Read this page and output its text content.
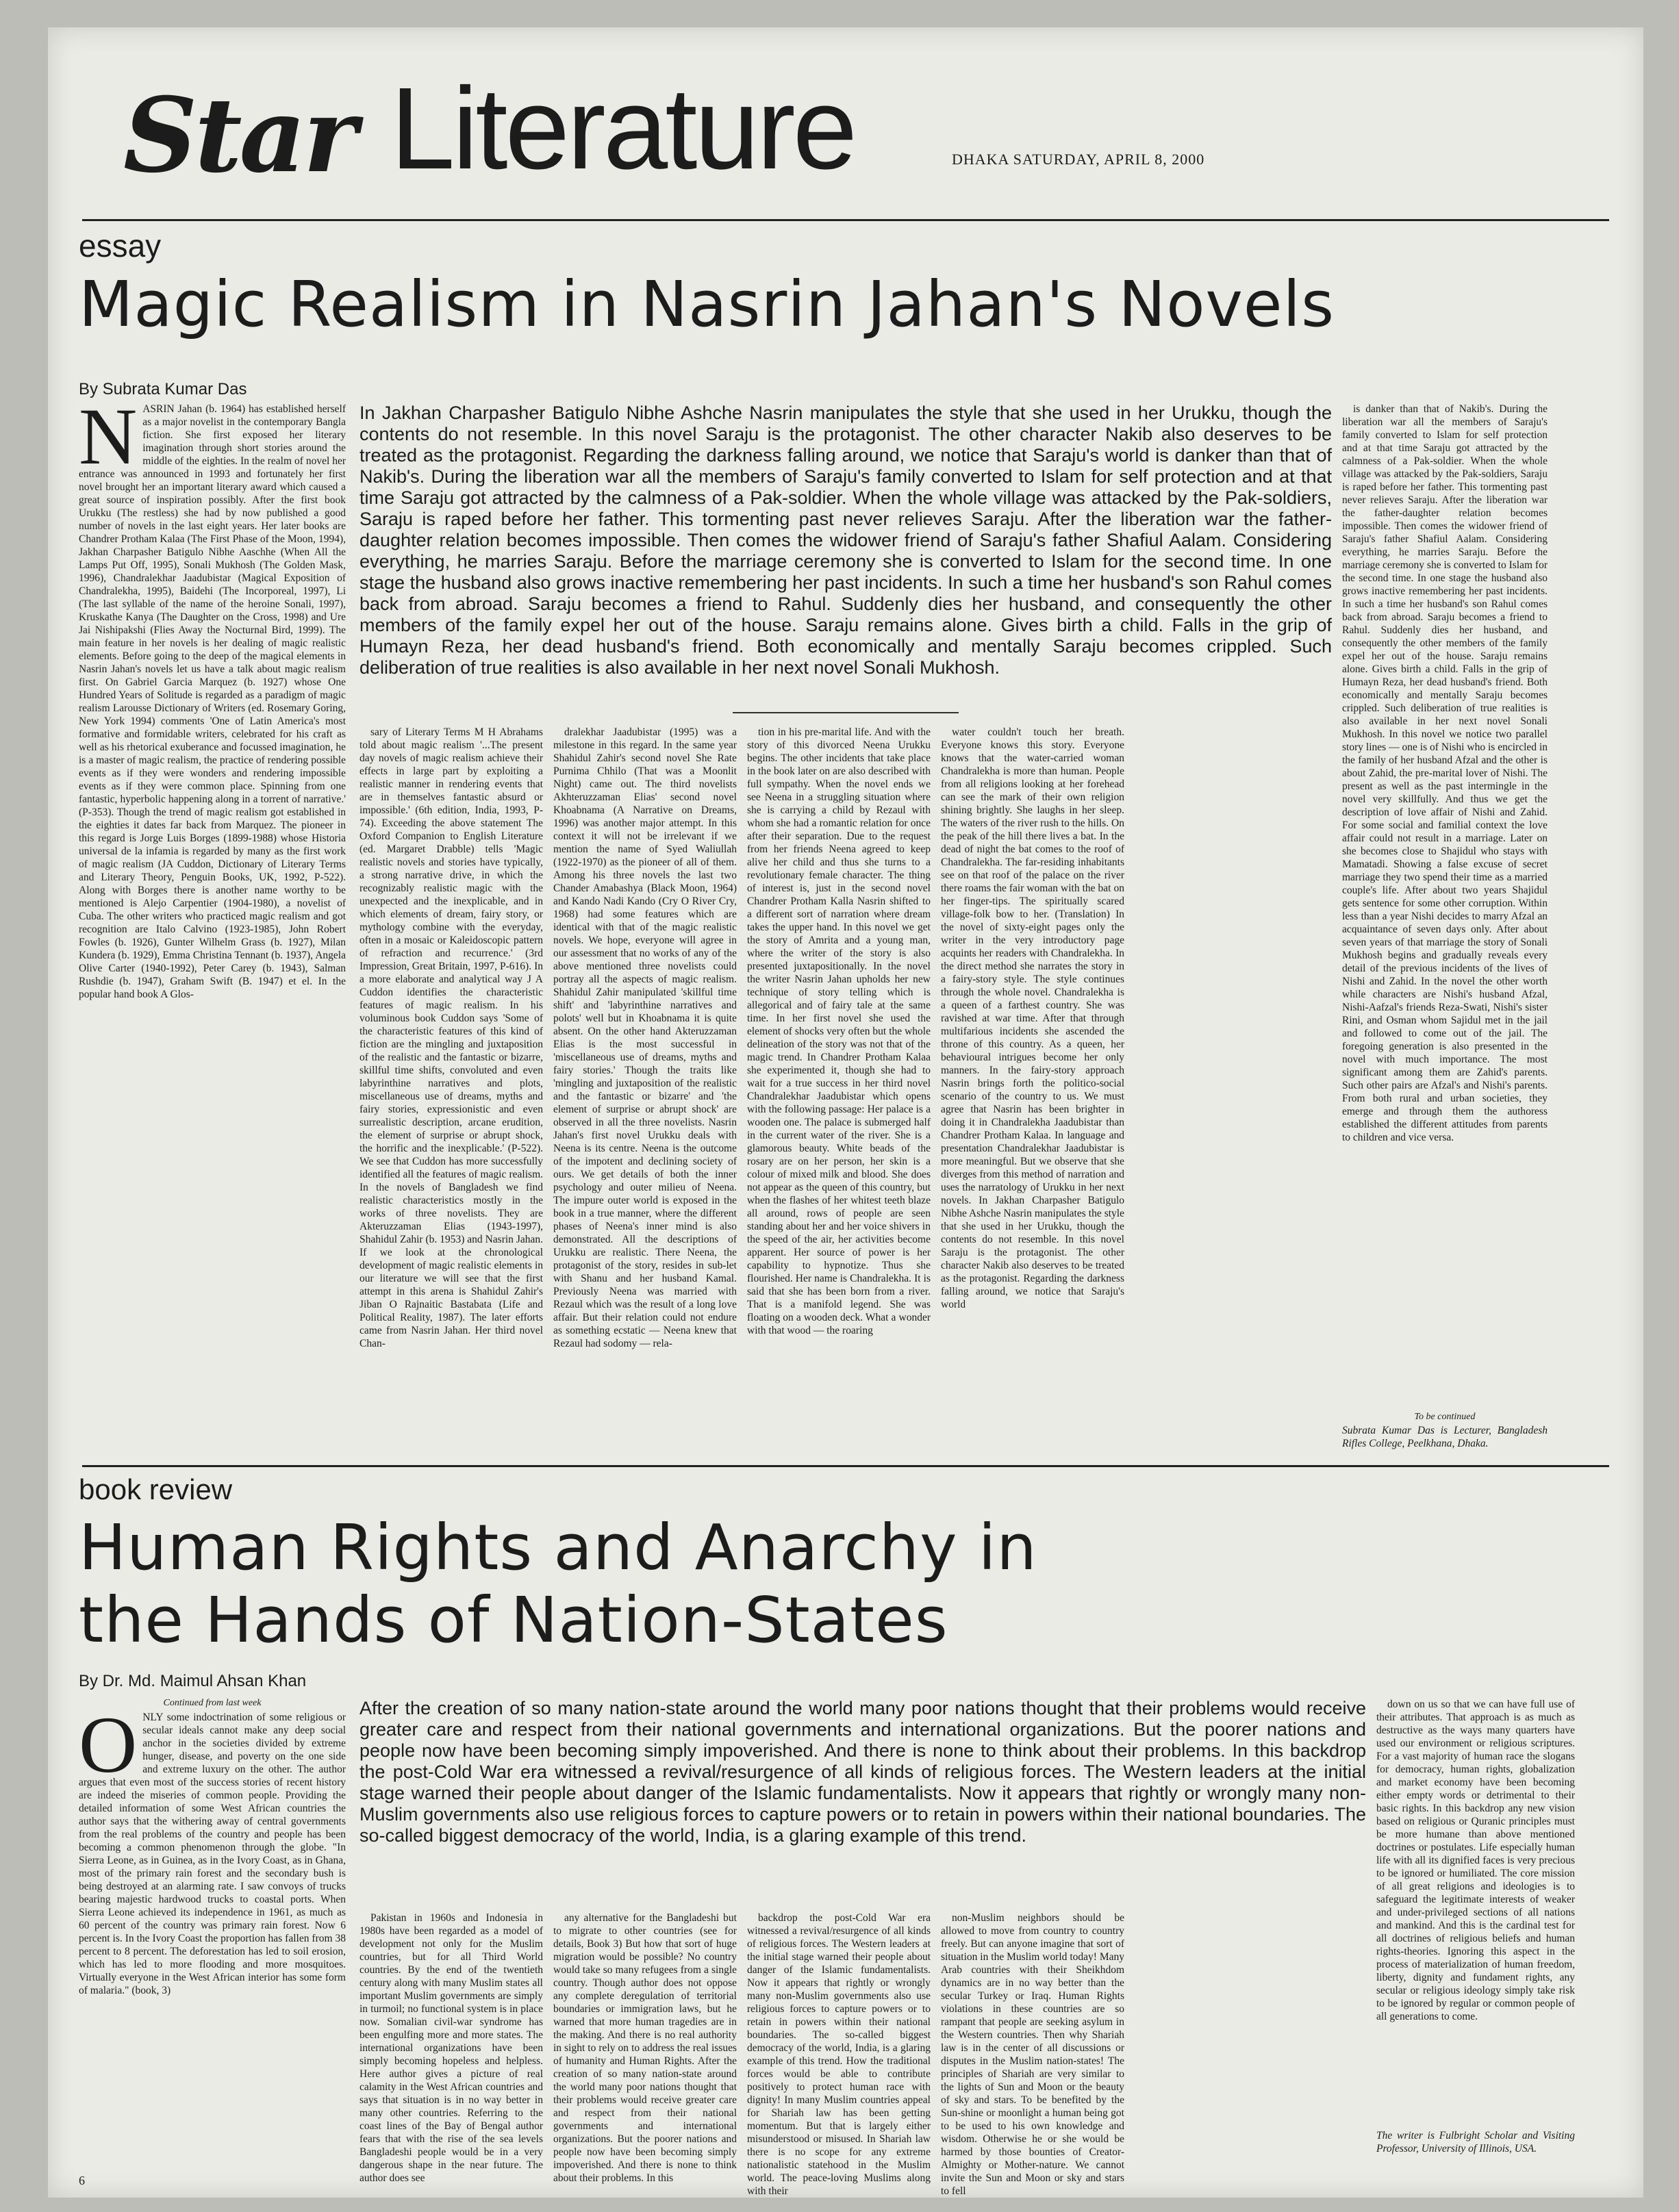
Star Literature	DHAKA SATURDAY, APRIL 8, 2000
essay
Magic Realism in Nasrin Jahan's Novels
By Subrata Kumar Das

NASRIN Jahan (b. 1964) has established herself as a major novelist in the contemporary Bangla fiction. She first exposed her literary imagination through short stories around the middle of the eighties. In the realm of novel her entrance was announced in 1993 and fortunately her first novel brought her an important literary award which caused a great source of inspiration possibly. After the first book Urukku (The restless) she had by now published a good number of novels in the last eight years. Her later books are Chandrer Protham Kalaa (The First Phase of the Moon, 1994), Jakhan Charpasher Batigulo Nibhe Aaschhe (When All the Lamps Put Off, 1995), Sonali Mukhosh (The Golden Mask, 1996), Chandralekhar Jaadubistar (Magical Exposition of Chandralekha, 1995), Baidehi (The Incorporeal, 1997), Li (The last syllable of the name of the heroine Sonali, 1997), Kruskathe Kanya (The Daughter on the Cross, 1998) and Ure Jai Nishipakshi (Flies Away the Nocturnal Bird, 1999). The main feature in her novels is her dealing of magic realistic elements. Before going to the deep of the magical elements in Nasrin Jahan's novels let us have a talk about magic realism first. On Gabriel Garcia Marquez (b. 1927) whose One Hundred Years of Solitude is regarded as a paradigm of magic realism Larousse Dictionary of Writers (ed. Rosemary Goring, New York 1994) comments 'One of Latin America's most formative and formidable writers, celebrated for his craft as well as his rhetorical exuberance and focussed imagination, he is a master of magic realism, the practice of rendering possible events as if they were wonders and rendering impossible events as if they were common place. Spinning from one fantastic, hyperbolic happening along in a torrent of narrative.' (P-353). Though the trend of magic realism got established in the eighties it dates far back from Marquez. The pioneer in this regard is Jorge Luis Borges (1899-1988) whose Historia universal de la infamia is regarded by many as the first work of magic realism (JA Cuddon, Dictionary of Literary Terms and Literary Theory, Penguin Books, UK, 1992, P-522). Along with Borges there is another name worthy to be mentioned is Alejo Carpentier (1904-1980), a novelist of Cuba. The other writers who practiced magic realism and got recognition are Italo Calvino (1923-1985), John Robert Fowles (b. 1926), Gunter Wilhelm Grass (b. 1927), Milan Kundera (b. 1929), Emma Christina Tennant (b. 1937), Angela Olive Carter (1940-1992), Peter Carey (b. 1943), Salman Rushdie (b. 1947), Graham Swift (B. 1947) et el. In the popular hand book A Glos-

In Jakhan Charpasher Batigulo Nibhe Ashche Nasrin manipulates the style that she used in her Urukku, though the contents do not resemble. In this novel Saraju is the protagonist. The other character Nakib also deserves to be treated as the protagonist. Regarding the darkness falling around, we notice that Saraju's world is danker than that of Nakib's. During the liberation war all the members of Saraju's family converted to Islam for self protection and at that time Saraju got attracted by the calmness of a Pak-soldier. When the whole village was attacked by the Pak-soldiers, Saraju is raped before her father. This tormenting past never relieves Saraju. After the liberation war the father-daughter relation becomes impossible. Then comes the widower friend of Saraju's father Shafiul Aalam. Considering everything, he marries Saraju. Before the marriage ceremony she is converted to Islam for the second time. In one stage the husband also grows inactive remembering her past incidents. In such a time her husband's son Rahul comes back from abroad. Saraju becomes a friend to Rahul. Suddenly dies her husband, and consequently the other members of the family expel her out of the house. Saraju remains alone. Gives birth a child. Falls in the grip of Humayn Reza, her dead husband's friend. Both economically and mentally Saraju becomes crippled. Such deliberation of true realities is also available in her next novel Sonali Mukhosh.

sary of Literary Terms M H Abrahams told about magic realism '...The present day novels of magic realism achieve their effects in large part by exploiting a realistic manner in rendering events that are in themselves fantastic absurd or impossible.' (6th edition, India, 1993, P-74). Exceeding the above statement The Oxford Companion to English Literature (ed. Margaret Drabble) tells 'Magic realistic novels and stories have typically, a strong narrative drive, in which the recognizably realistic magic with the unexpected and the inexplicable, and in which elements of dream, fairy story, or mythology combine with the everyday, often in a mosaic or Kaleidoscopic pattern of refraction and recurrence.' (3rd Impression, Great Britain, 1997, P-616). In a more elaborate and analytical way J A Cuddon identifies the characteristic features of magic realism. In his voluminous book Cuddon says 'Some of the characteristic features of this kind of fiction are the mingling and juxtaposition of the realistic and the fantastic or bizarre, skillful time shifts, convoluted and even labyrinthine narratives and plots, miscellaneous use of dreams, myths and fairy stories, expressionistic and even surrealistic description, arcane erudition, the element of surprise or abrupt shock, the horrific and the inexplicable.' (P-522). We see that Cuddon has more successfully identified all the features of magic realism. In the novels of Bangladesh we find realistic characteristics mostly in the works of three novelists. They are Akteruzzaman Elias (1943-1997), Shahidul Zahir (b. 1953) and Nasrin Jahan. If we look at the chronological development of magic realistic elements in our literature we will see that the first attempt in this arena is Shahidul Zahir's Jiban O Rajnaitic Bastabata (Life and Political Reality, 1987). The later efforts came from Nasrin Jahan. Her third novel Chan-

dralekhar Jaadubistar (1995) was a milestone in this regard. In the same year Shahidul Zahir's second novel She Rate Purnima Chhilo (That was a Moonlit Night) came out. The third novelists Akhteruzzaman Elias' second novel Khoabnama (A Narrative on Dreams, 1996) was another major attempt. In this context it will not be irrelevant if we mention the name of Syed Waliullah (1922-1970) as the pioneer of all of them. Among his three novels the last two Chander Amabashya (Black Moon, 1964) and Kando Nadi Kando (Cry O River Cry, 1968) had some features which are identical with that of the magic realistic novels. We hope, everyone will agree in our assessment that no works of any of the above mentioned three novelists could portray all the aspects of magic realism. Shahidul Zahir manipulated 'skillful time shift' and 'labyrinthine narratives and polots' well but in Khoabnama it is quite absent. On the other hand Akteruzzaman Elias is the most successful in 'miscellaneous use of dreams, myths and fairy stories.' Though the traits like 'mingling and juxtaposition of the realistic and the fantastic or bizarre' and 'the element of surprise or abrupt shock' are observed in all the three novelists. Nasrin Jahan's first novel Urukku deals with Neena is its centre. Neena is the outcome of the impotent and declining society of ours. We get details of both the inner psychology and outer milieu of Neena. The impure outer world is exposed in the book in a true manner, where the different phases of Neena's inner mind is also demonstrated. All the descriptions of Urukku are realistic. There Neena, the protagonist of the story, resides in sub-let with Shanu and her husband Kamal. Previously Neena was married with Rezaul which was the result of a long love affair. But their relation could not endure as something ecstatic — Neena knew that Rezaul had sodomy — rela-

tion in his pre-marital life. And with the story of this divorced Neena Urukku begins. The other incidents that take place in the book later on are also described with full sympathy. When the novel ends we see Neena in a struggling situation where she is carrying a child by Rezaul with whom she had a romantic relation for once after their separation. Due to the request from her friends Neena agreed to keep alive her child and thus she turns to a revolutionary female character. The thing of interest is, just in the second novel Chandrer Protham Kalla Nasrin shifted to a different sort of narration where dream takes the upper hand. In this novel we get the story of Amrita and a young man, where the writer of the story is also presented juxtapositionally. In the novel the writer Nasrin Jahan upholds her new technique of story telling which is allegorical and of fairy tale at the same time. In her first novel she used the element of shocks very often but the whole delineation of the story was not that of the magic trend. In Chandrer Protham Kalaa she experimented it, though she had to wait for a true success in her third novel Chandralekhar Jaadubistar which opens with the following passage: Her palace is a wooden one. The palace is submerged half in the current water of the river. She is a glamorous beauty. White beads of the rosary are on her person, her skin is a colour of mixed milk and blood. She does not appear as the queen of this country, but when the flashes of her whitest teeth blaze all around, rows of people are seen standing about her and her voice shivers in the speed of the air, her activities become apparent. Her source of power is her capability to hypnotize. Thus she flourished. Her name is Chandralekha. It is said that she has been born from a river. That is a manifold legend. She was floating on a wooden deck. What a wonder with that wood — the roaring

water couldn't touch her breath. Everyone knows this story. Everyone knows that the water-carried woman Chandralekha is more than human. People from all religions looking at her forehead can see the mark of their own religion shining brightly. She laughs in her sleep. The waters of the river rush to the hills. On the peak of the hill there lives a bat. In the dead of night the bat comes to the roof of Chandralekha. The far-residing inhabitants see on that roof of the palace on the river there roams the fair woman with the bat on her finger-tips. The spiritually scared village-folk bow to her. (Translation) In the novel of sixty-eight pages only the writer in the very introductory page acquints her readers with Chandralekha. In the direct method she narrates the story in a fairy-story style. The style continues through the whole novel. Chandralekha is a queen of a farthest country. She was ravished at war time. After that through multifarious incidents she ascended the throne of this country. As a queen, her behavioural intrigues become her only manners. In the fairy-story approach Nasrin brings forth the politico-social scenario of the country to us. We must agree that Nasrin has been brighter in doing it in Chandralekha Jaadubistar than Chandrer Protham Kalaa. In language and presentation Chandralekhar Jaadubistar is more meaningful. But we observe that she diverges from this method of narration and uses the narratology of Urukku in her next novels. In Jakhan Charpasher Batigulo Nibhe Ashche Nasrin manipulates the style that she used in her Urukku, though the contents do not resemble. In this novel Saraju is the protagonist. The other character Nakib also deserves to be treated as the protagonist. Regarding the darkness falling around, we notice that Saraju's world

is danker than that of Nakib's. During the liberation war all the members of Saraju's family converted to Islam for self protection and at that time Saraju got attracted by the calmness of a Pak-soldier. When the whole village was attacked by the Pak-soldiers, Saraju is raped before her father. This tormenting past never relieves Saraju. After the liberation war the father-daughter relation becomes impossible. Then comes the widower friend of Saraju's father Shafiul Aalam. Considering everything, he marries Saraju. Before the marriage ceremony she is converted to Islam for the second time. In one stage the husband also grows inactive remembering her past incidents. In such a time her husband's son Rahul comes back from abroad. Saraju becomes a friend to Rahul. Suddenly dies her husband, and consequently the other members of the family expel her out of the house. Saraju remains alone. Gives birth a child. Falls in the grip of Humayn Reza, her dead husband's friend. Both economically and mentally Saraju becomes crippled. Such deliberation of true realities is also available in her next novel Sonali Mukhosh. In this novel we notice two parallel story lines — one is of Nishi who is encircled in the family of her husband Afzal and the other is about Zahid, the pre-marital lover of Nishi. The present as well as the past intermingle in the novel very skillfully. And thus we get the description of love affair of Nishi and Zahid. For some social and familial context the love affair could not result in a marriage. Later on she becomes close to Shajidul who stays with Mamatadi. Showing a false excuse of secret marriage they two spend their time as a married couple's life. After about two years Shajidul gets sentence for some other corruption. Within less than a year Nishi decides to marry Afzal an acquaintance of seven days only. After about seven years of that marriage the story of Sonali Mukhosh begins and gradually reveals every detail of the previous incidents of the lives of Nishi and Zahid. In the novel the other worth while characters are Nishi's husband Afzal, Nishi-Aafzal's friends Reza-Swati, Nishi's sister Rini, and Osman whom Sajidul met in the jail and followed to come out of the jail. The foregoing generation is also presented in the novel with much importance. The most significant among them are Zahid's parents. Such other pairs are Afzal's and Nishi's parents. From both rural and urban societies, they emerge and through them the authoress established the different attitudes from parents to children and vice versa.

To be continued

Subrata Kumar Das is Lecturer, Bangladesh Rifles College, Peelkhana, Dhaka.

book review
Human Rights and Anarchy in
the Hands of Nation-States
By Dr. Md. Maimul Ahsan Khan

Continued from last week

ONLY some indoctrination of some religious or secular ideals cannot make any deep social anchor in the societies divided by extreme hunger, disease, and poverty on the one side and extreme luxury on the other. The author argues that even most of the success stories of recent history are indeed the miseries of common people. Providing the detailed information of some West African countries the author says that the withering away of central governments from the real problems of the country and people has been becoming a common phenomenon through the globe. "In Sierra Leone, as in Guinea, as in the Ivory Coast, as in Ghana, most of the primary rain forest and the secondary bush is being destroyed at an alarming rate. I saw convoys of trucks bearing majestic hardwood trucks to coastal ports. When Sierra Leone achieved its independence in 1961, as much as 60 percent of the country was primary rain forest. Now 6 percent is. In the Ivory Coast the proportion has fallen from 38 percent to 8 percent. The deforestation has led to soil erosion, which has led to more flooding and more mosquitoes. Virtually everyone in the West African interior has some form of malaria." (book, 3)

After the creation of so many nation-state around the world many poor nations thought that their problems would receive greater care and respect from their national governments and international organizations. But the poorer nations and people now have been becoming simply impoverished. And there is none to think about their problems. In this backdrop the post-Cold War era witnessed a revival/resurgence of all kinds of religious forces. The Western leaders at the initial stage warned their people about danger of the Islamic fundamentalists. Now it appears that rightly or wrongly many non-Muslim governments also use religious forces to capture powers or to retain in powers within their national boundaries. The so-called biggest democracy of the world, India, is a glaring example of this trend.

Pakistan in 1960s and Indonesia in 1980s have been regarded as a model of development not only for the Muslim countries, but for all Third World countries. By the end of the twentieth century along with many Muslim states all important Muslim governments are simply in turmoil; no functional system is in place now. Somalian civil-war syndrome has been engulfing more and more states. The international organizations have been simply becoming hopeless and helpless. Here author gives a picture of real calamity in the West African countries and says that situation is in no way better in many other countries. Referring to the coast lines of the Bay of Bengal author fears that with the rise of the sea levels Bangladeshi people would be in a very dangerous shape in the near future. The author does see

any alternative for the Bangladeshi but to migrate to other countries (see for details, Book 3) But how that sort of huge migration would be possible? No country would take so many refugees from a single country. Though author does not oppose any complete deregulation of territorial boundaries or immigration laws, but he warned that more human tragedies are in the making. And there is no real authority in sight to rely on to address the real issues of humanity and Human Rights. After the creation of so many nation-state around the world many poor nations thought that their problems would receive greater care and respect from their national governments and international organizations. But the poorer nations and people now have been becoming simply impoverished. And there is none to think about their problems. In this

backdrop the post-Cold War era witnessed a revival/resurgence of all kinds of religious forces. The Western leaders at the initial stage warned their people about danger of the Islamic fundamentalists. Now it appears that rightly or wrongly many non-Muslim governments also use religious forces to capture powers or to retain in powers within their national boundaries. The so-called biggest democracy of the world, India, is a glaring example of this trend. How the traditional forces would be able to contribute positively to protect human race with dignity! In many Muslim countries appeal for Shariah law has been getting momentum. But that is largely either misunderstood or misused. In Shariah law there is no scope for any extreme nationalistic statehood in the Muslim world. The peace-loving Muslims along with their

non-Muslim neighbors should be allowed to move from country to country freely. But can anyone imagine that sort of situation in the Muslim world today! Many Arab countries with their Sheikhdom dynamics are in no way better than the secular Turkey or Iraq. Human Rights violations in these countries are so rampant that people are seeking asylum in the Western countries. Then why Shariah law is in the center of all discussions or disputes in the Muslim nation-states! The principles of Shariah are very similar to the lights of Sun and Moon or the beauty of sky and stars. To be benefited by the Sun-shine or moonlight a human being got to be used to his own knowledge and wisdom. Otherwise he or she would be harmed by those bounties of Creator-Almighty or Mother-nature. We cannot invite the Sun and Moon or sky and stars to fell

down on us so that we can have full use of their attributes. That approach is as much as destructive as the ways many quarters have used our environment or religious scriptures. For a vast majority of human race the slogans for democracy, human rights, globalization and market economy have been becoming either empty words or detrimental to their basic rights. In this backdrop any new vision based on religious or Quranic principles must be more humane than above mentioned doctrines or postulates. Life especially human life with all its dignified faces is very precious to be ignored or humiliated. The core mission of all great religions and ideologies is to safeguard the legitimate interests of weaker and under-privileged sections of all nations and mankind. And this is the cardinal test for all doctrines of religious beliefs and human rights-theories. Ignoring this aspect in the process of materialization of human freedom, liberty, dignity and fundament rights, any secular or religious ideology simply take risk to be ignored by regular or common people of all generations to come.

The writer is Fulbright Scholar and Visiting Professor, University of Illinois, USA.

6
